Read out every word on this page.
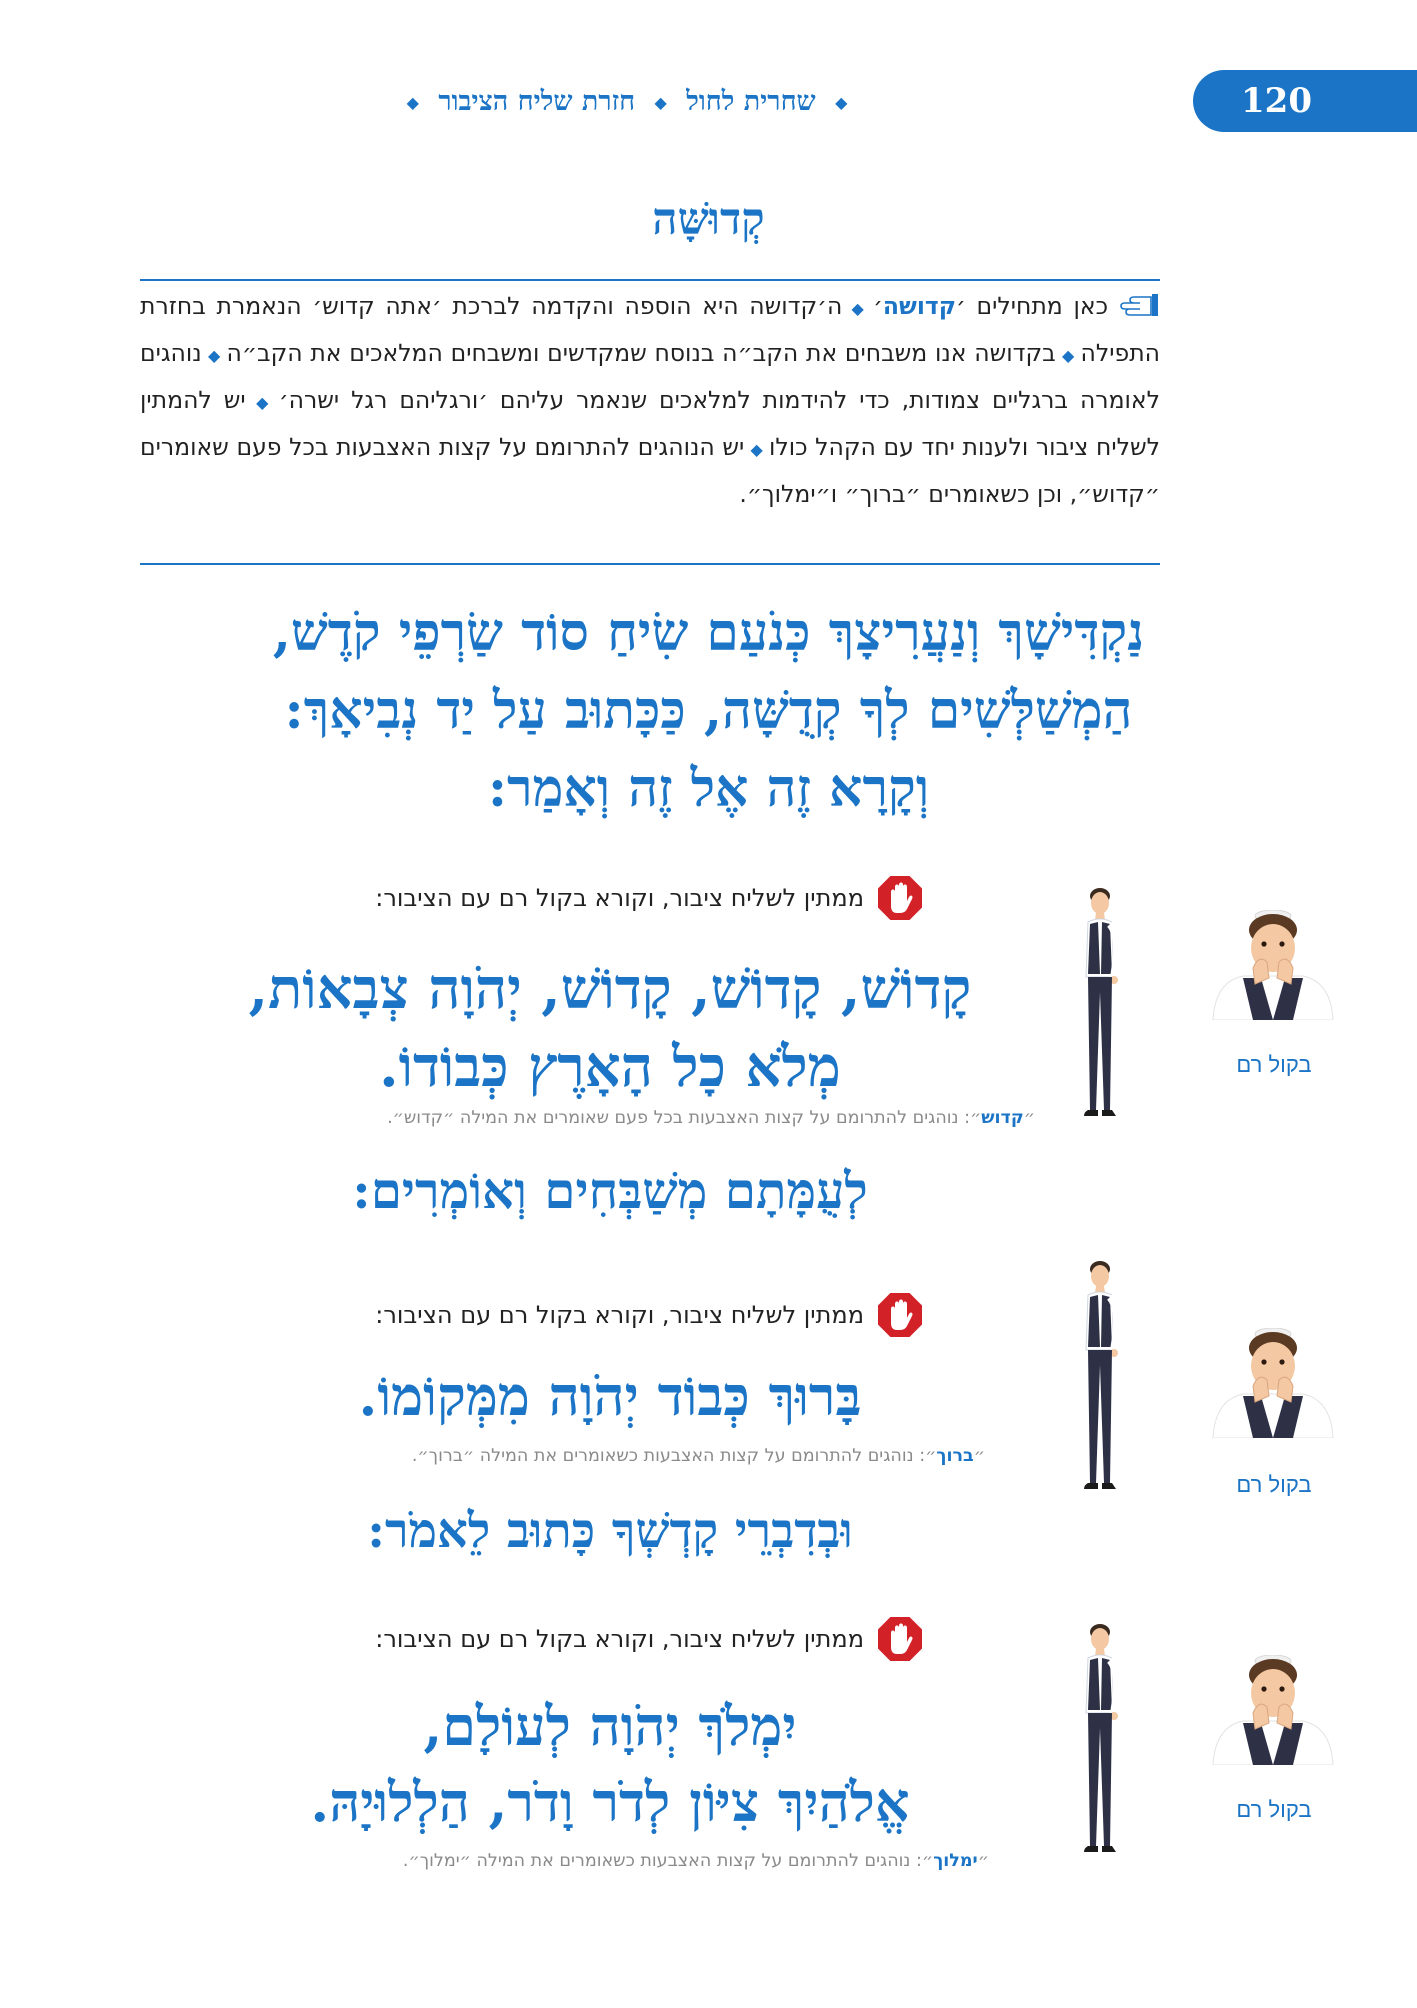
120
◆ שחרית לחול ◆ חזרת שליח הציבור ◆
קְדוּשָּׁה
כאן מתחילים ׳קדושה׳◆ה׳קדושה היא הוספה והקדמה לברכת ׳אתה קדוש׳ הנאמרת בחזרת התפילה◆בקדושה אנו משבחים את הקב״ה בנוסח שמקדשים ומשבחים המלאכים את הקב״ה◆נוהגים לאומרה ברגליים צמודות, כדי להידמות למלאכים שנאמר עליהם ׳ורגליהם רגל ישרה׳◆יש להמתין לשליח ציבור ולענות יחד עם הקהל כולו◆יש הנוהגים להתרומם על קצות האצבעות בכל פעם שאומרים ״קדוש״, וכן כשאומרים ״ברוך״ ו״ימלוך״.
נַקְדִּישָׁךְ וְנַעֲרִיצָךְ כְּנֹעַם שִׂיחַ סוֹד שַׂרְפֵי קֹדֶשׁ,
הַמְשַׁלְּשִׁים לְךָ קְדֻשָּׁה, כַּכָּתוּב עַל יַד נְבִיאָךְ:
וְקָרָא זֶה אֶל זֶה וְאָמַר:
ממתין לשליח ציבור, וקורא בקול רם עם הציבור:
בקול רם
קָדוֹשׁ, קָדוֹשׁ, קָדוֹשׁ, יְהֹוָה צְבָאוֹת,
מְלֹא כָל הָאָרֶץ כְּבוֹדוֹ.
״קדוש״: נוהגים להתרומם על קצות האצבעות בכל פעם שאומרים את המילה ״קדוש״.
לְעֻמָּתָם מְשַׁבְּחִים וְאוֹמְרִים:
ממתין לשליח ציבור, וקורא בקול רם עם הציבור:
בקול רם
בָּרוּךְ כְּבוֹד יְהֹוָה מִמְּקוֹמוֹ.
״ברוך״: נוהגים להתרומם על קצות האצבעות כשאומרים את המילה ״ברוך״.
וּבְדִבְרֵי קָדְשְׁךָ כָּתוּב לֵאמֹר:
ממתין לשליח ציבור, וקורא בקול רם עם הציבור:
בקול רם
יִמְלֹךְ יְהֹוָה לְעוֹלָם,
אֱלֹהַיִךְ צִיּוֹן לְדֹר וָדֹר, הַלְלוּיָהּ.
״ימלוך״: נוהגים להתרומם על קצות האצבעות כשאומרים את המילה ״ימלוך״.
